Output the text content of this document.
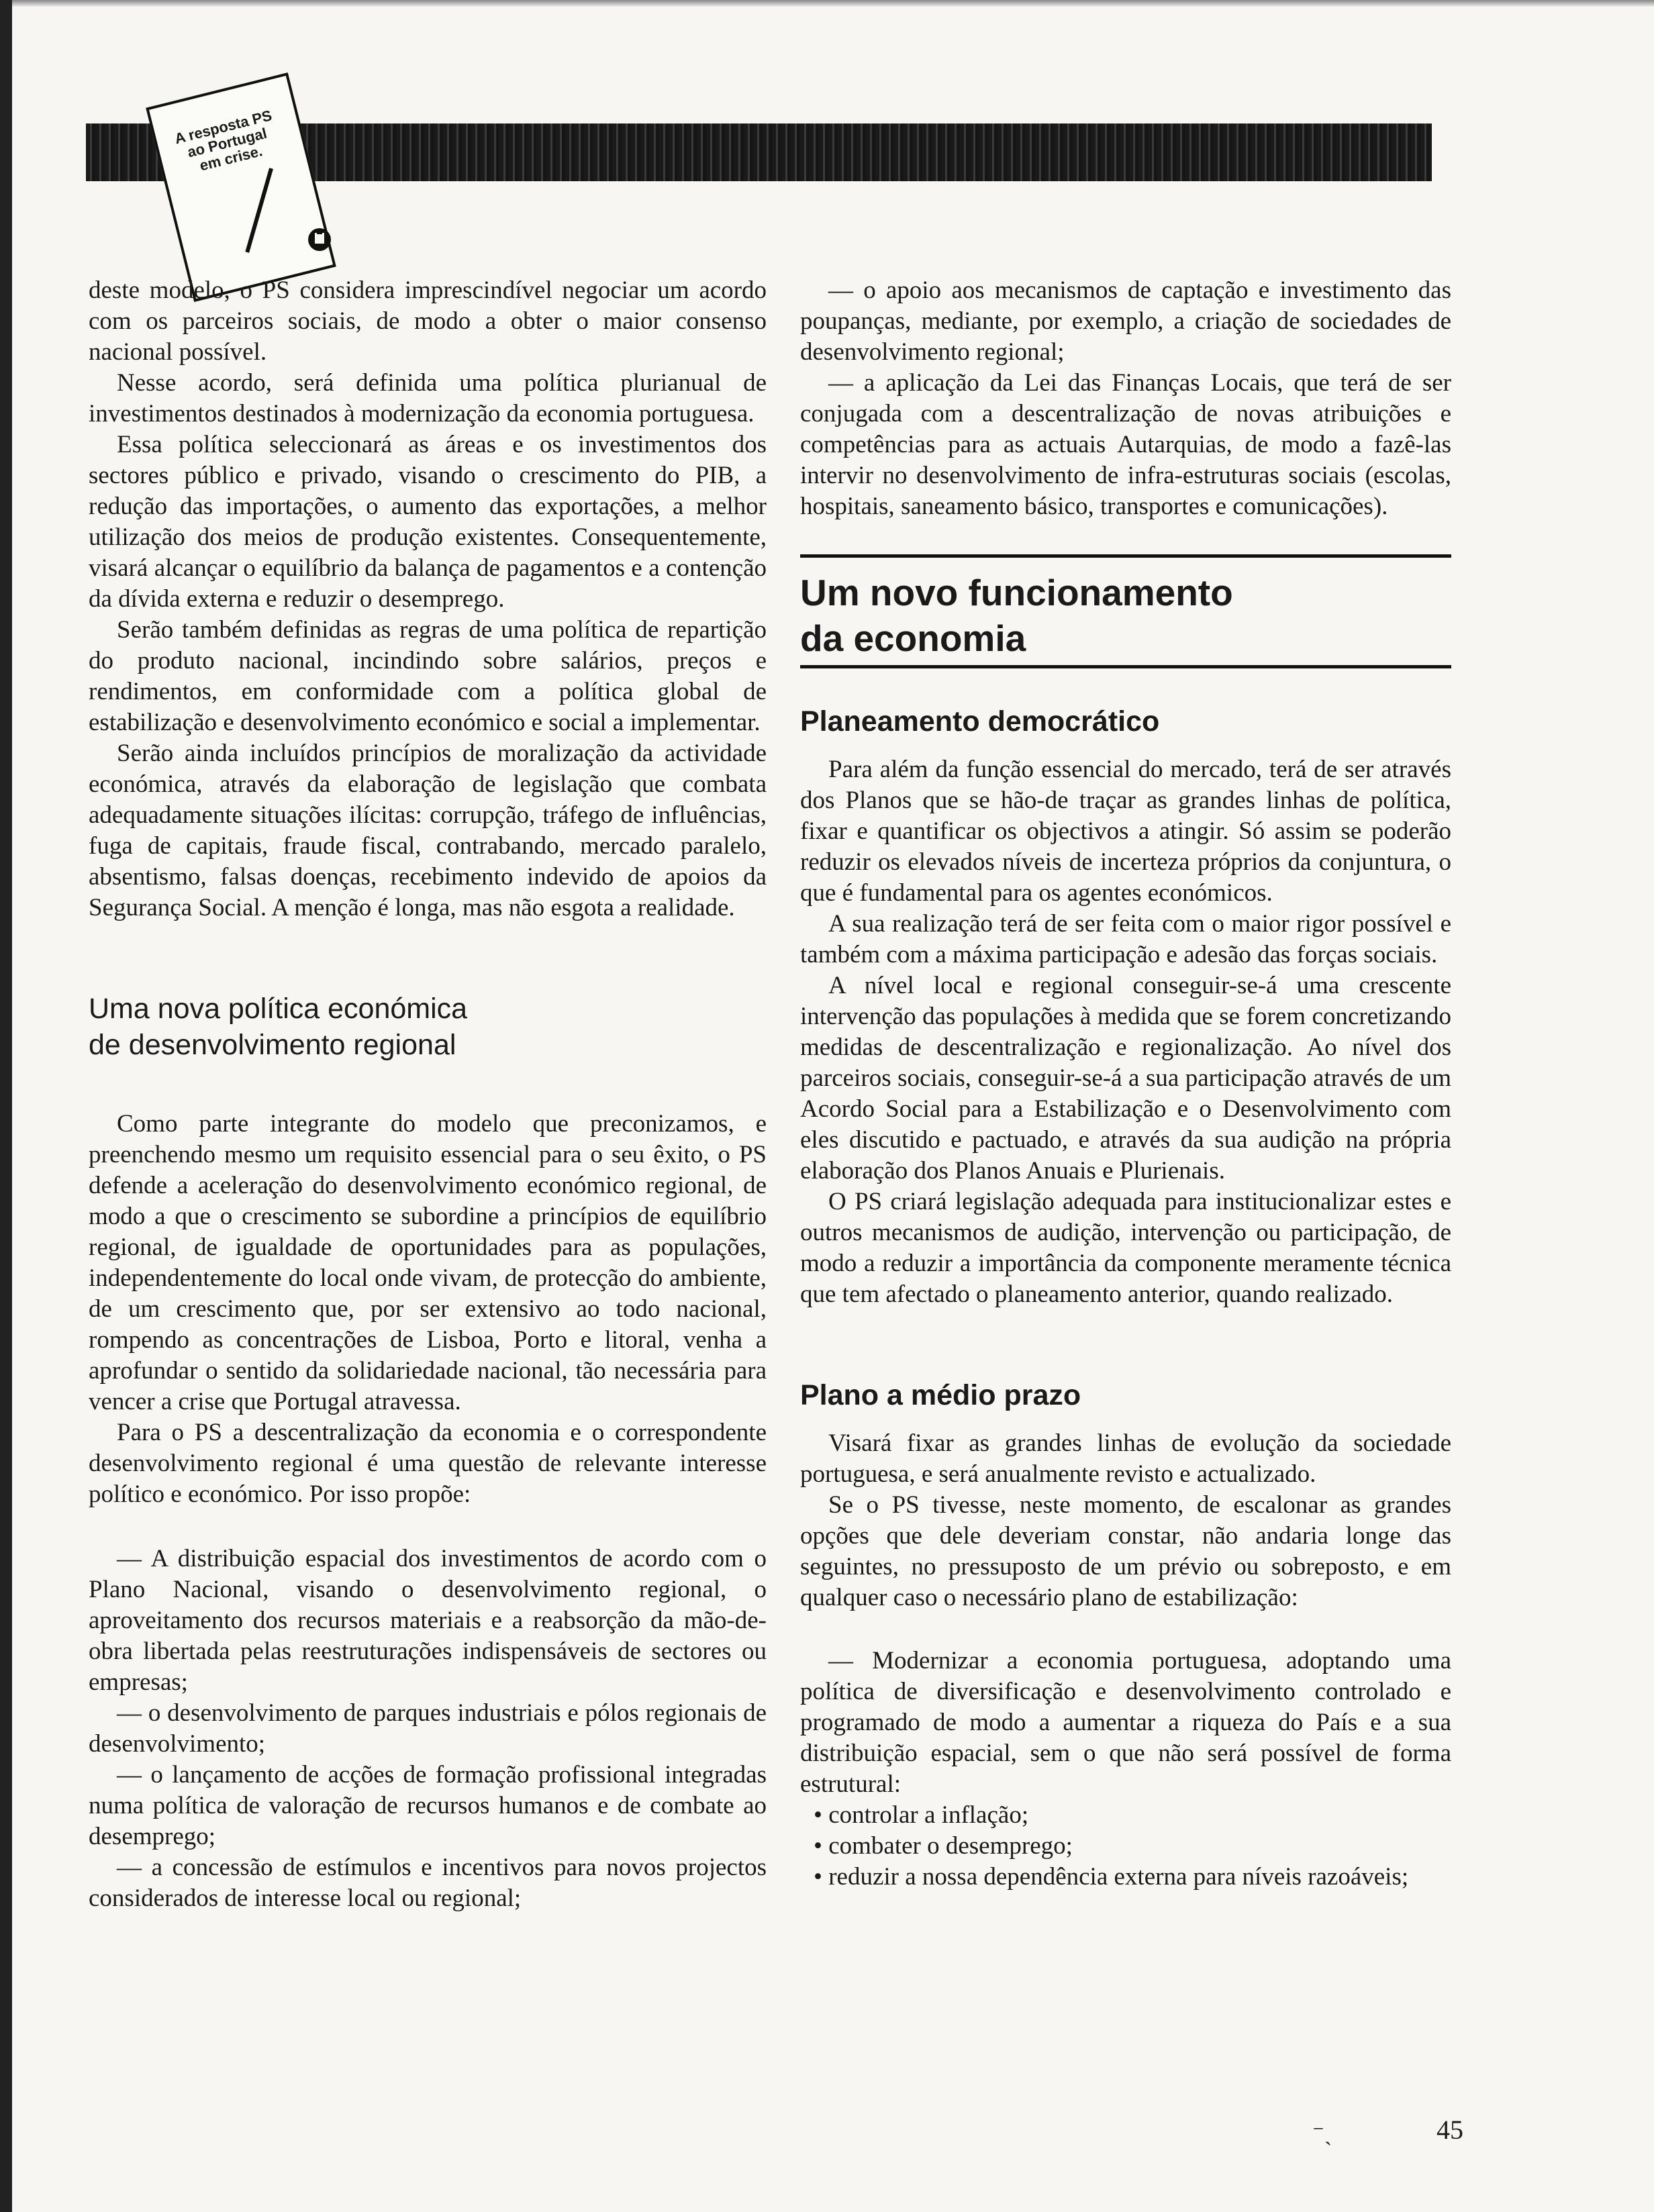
A resposta PS ao Portugal em crise.

deste modelo, o PS considera imprescindível negociar um acordo com os parceiros sociais, de modo a obter o maior consenso nacional possível.

Nesse acordo, será definida uma política plurianual de investimentos destinados à modernização da economia portuguesa.

Essa política seleccionará as áreas e os investimentos dos sectores público e privado, visando o crescimento do PIB, a redução das importações, o aumento das exportações, a melhor utilização dos meios de produção existentes. Consequentemente, visará alcançar o equilíbrio da balança de pagamentos e a contenção da dívida externa e reduzir o desemprego.

Serão também definidas as regras de uma política de repartição do produto nacional, incindindo sobre salários, preços e rendimentos, em conformidade com a política global de estabilização e desenvolvimento económico e social a implementar.

Serão ainda incluídos princípios de moralização da actividade económica, através da elaboração de legislação que combata adequadamente situações ilícitas: corrupção, tráfego de influências, fuga de capitais, fraude fiscal, contrabando, mercado paralelo, absentismo, falsas doenças, recebimento indevido de apoios da Segurança Social. A menção é longa, mas não esgota a realidade.

Uma nova política económica
de desenvolvimento regional

Como parte integrante do modelo que preconizamos, e preenchendo mesmo um requisito essencial para o seu êxito, o PS defende a aceleração do desenvolvimento económico regional, de modo a que o crescimento se subordine a princípios de equilíbrio regional, de igualdade de oportunidades para as populações, independentemente do local onde vivam, de protecção do ambiente, de um crescimento que, por ser extensivo ao todo nacional, rompendo as concentrações de Lisboa, Porto e litoral, venha a aprofundar o sentido da solidariedade nacional, tão necessária para vencer a crise que Portugal atravessa.

Para o PS a descentralização da economia e o correspondente desenvolvimento regional é uma questão de relevante interesse político e económico. Por isso propõe:

— A distribuição espacial dos investimentos de acordo com o Plano Nacional, visando o desenvolvimento regional, o aproveitamento dos recursos materiais e a reabsorção da mão-de-obra libertada pelas reestruturações indispensáveis de sectores ou empresas;

— o desenvolvimento de parques industriais e pólos regionais de desenvolvimento;

— o lançamento de acções de formação profissional integradas numa política de valoração de recursos humanos e de combate ao desemprego;

— a concessão de estímulos e incentivos para novos projectos considerados de interesse local ou regional;

— o apoio aos mecanismos de captação e investimento das poupanças, mediante, por exemplo, a criação de sociedades de desenvolvimento regional;

— a aplicação da Lei das Finanças Locais, que terá de ser conjugada com a descentralização de novas atribuições e competências para as actuais Autarquias, de modo a fazê-las intervir no desenvolvimento de infra-estruturas sociais (escolas, hospitais, saneamento básico, transportes e comunicações).

Um novo funcionamento
da economia
Planeamento democrático

Para além da função essencial do mercado, terá de ser através dos Planos que se hão-de traçar as grandes linhas de política, fixar e quantificar os objectivos a atingir. Só assim se poderão reduzir os elevados níveis de incerteza próprios da conjuntura, o que é fundamental para os agentes económicos.

A sua realização terá de ser feita com o maior rigor possível e também com a máxima participação e adesão das forças sociais.

A nível local e regional conseguir-se-á uma crescente intervenção das populações à medida que se forem concretizando medidas de descentralização e regionalização. Ao nível dos parceiros sociais, conseguir-se-á a sua participação através de um Acordo Social para a Estabilização e o Desenvolvimento com eles discutido e pactuado, e através da sua audição na própria elaboração dos Planos Anuais e Plurienais.

O PS criará legislação adequada para institucionalizar estes e outros mecanismos de audição, intervenção ou participação, de modo a reduzir a importância da componente meramente técnica que tem afectado o planeamento anterior, quando realizado.

Plano a médio prazo

Visará fixar as grandes linhas de evolução da sociedade portuguesa, e será anualmente revisto e actualizado.

Se o PS tivesse, neste momento, de escalonar as grandes opções que dele deveriam constar, não andaria longe das seguintes, no pressuposto de um prévio ou sobreposto, e em qualquer caso o necessário plano de estabilização:

— Modernizar a economia portuguesa, adoptando uma política de diversificação e desenvolvimento controlado e programado de modo a aumentar a riqueza do País e a sua distribuição espacial, sem o que não será possível de forma estrutural:

• controlar a inflação;

• combater o desemprego;

• reduzir a nossa dependência externa para níveis razoáveis;

⁻ˎ	45
